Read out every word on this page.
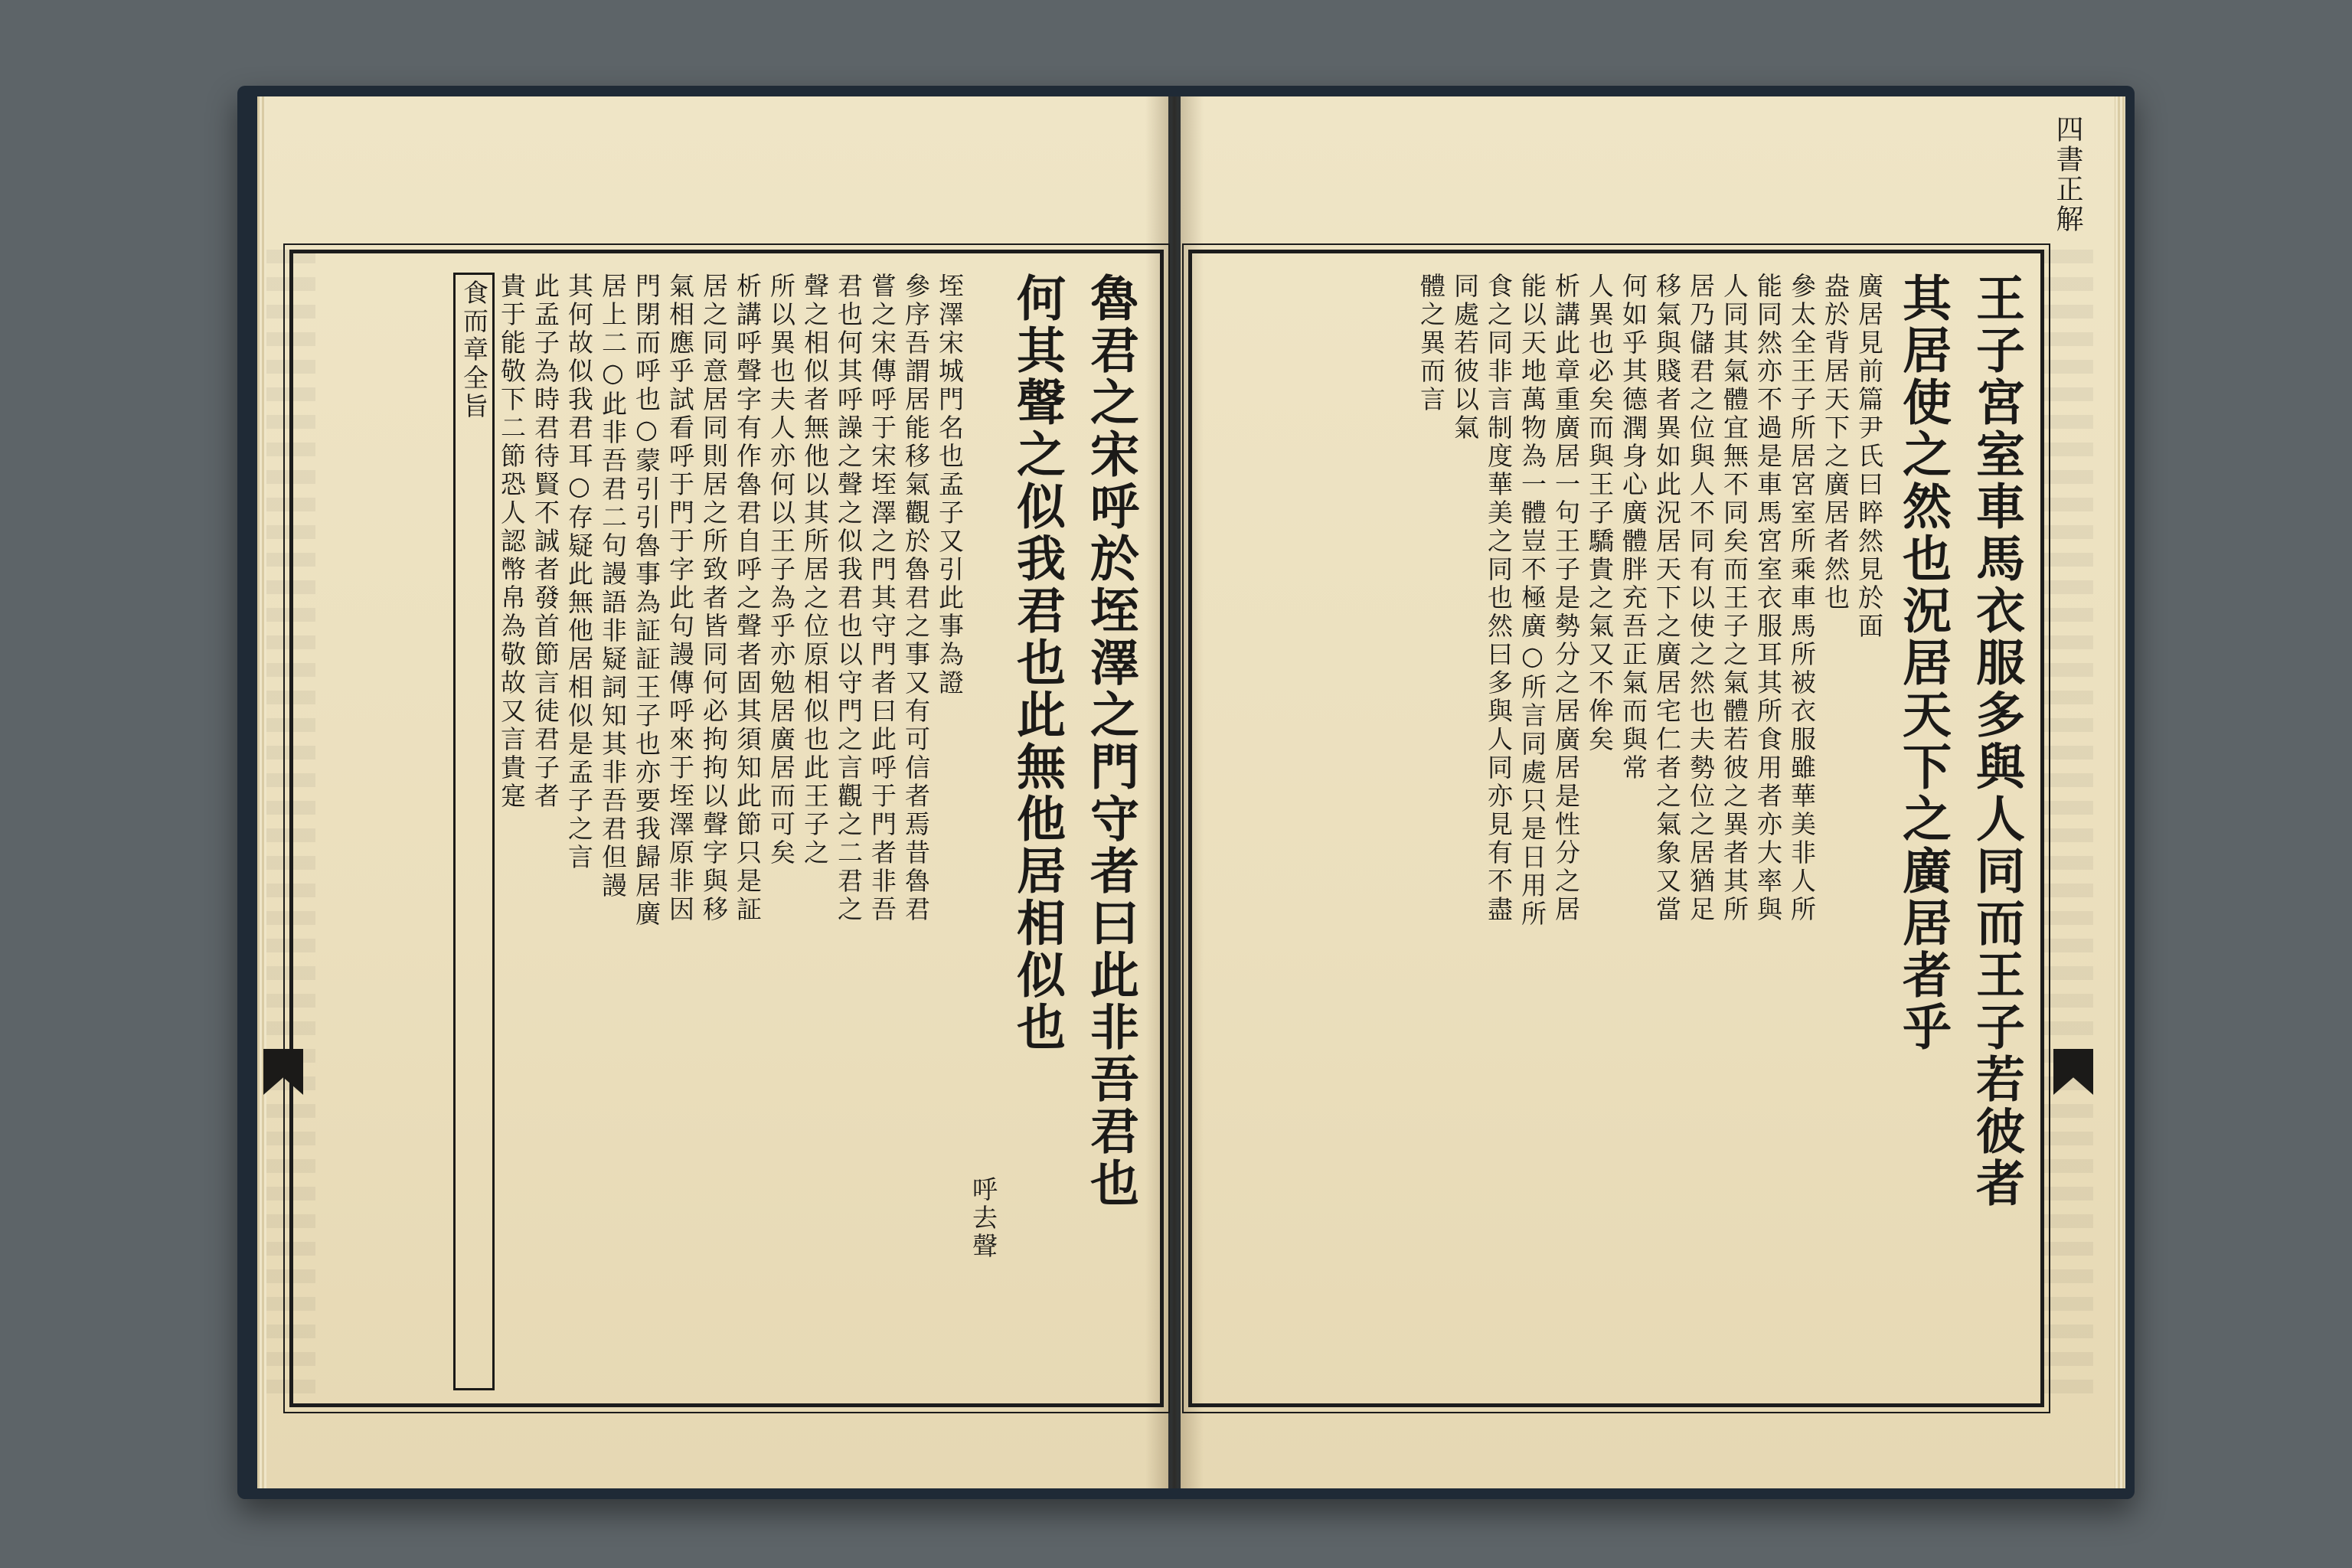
四書正解
王子宮室車馬衣服多與人同而王子若彼者
其居使之然也況居天下之廣居者乎
廣居見前篇尹氏曰睟然見於面
盎於背居天下之廣居者然也
參太全王子所居宮室所乘車馬所被衣服雖華美非人所
能同然亦不過是車馬宮室衣服耳其所食用者亦大率與
人同其氣體宜無不同矣而王子之氣體若彼之異者其所
居乃儲君之位與人不同有以使之然也夫勢位之居猶足
移氣與賤者異如此況居天下之廣居宅仁者之氣象又當
何如乎其德潤身心廣體胖充吾正氣而與常
人異也必矣而與王子驕貴之氣又不侔矣
析講此章重廣居一句王子是勢分之居廣居是性分之居
能以天地萬物為一體豈不極廣○所言同處只是日用所
食之同非言制度華美之同也然曰多與人同亦見有不盡
同處若彼以氣
體之異而言
魯君之宋呼於垤澤之門守者曰此非吾君也
何其聲之似我君也此無他居相似也
呼去聲
垤澤宋城門名也孟子又引此事為證
參序吾謂居能移氣觀於魯君之事又有可信者焉昔魯君
嘗之宋傳呼于宋垤澤之門其守門者曰此呼于門者非吾
君也何其呼譟之聲之似我君也以守門之言觀之二君之
聲之相似者無他以其所居之位原相似也此王子之
所以異也夫人亦何以王子為乎亦勉居廣居而可矣
析講呼聲字有作魯君自呼之聲者固其須知此節只是証
居之同意居同則居之所致者皆同何必拘拘以聲字與移
氣相應乎試看呼于門于字此句謾傳呼來于垤澤原非因
門閉而呼也○蒙引引魯事為証証王子也亦要我歸居廣
居上二○此非吾君二句謾語非疑詞知其非吾君但謾
其何故似我君耳○存疑此無他居相似是孟子之言
此孟子為時君待賢不誠者發首節言徒君子者
貴于能敬下二節恐人認幣帛為敬故又言貴寔
食而章全旨
